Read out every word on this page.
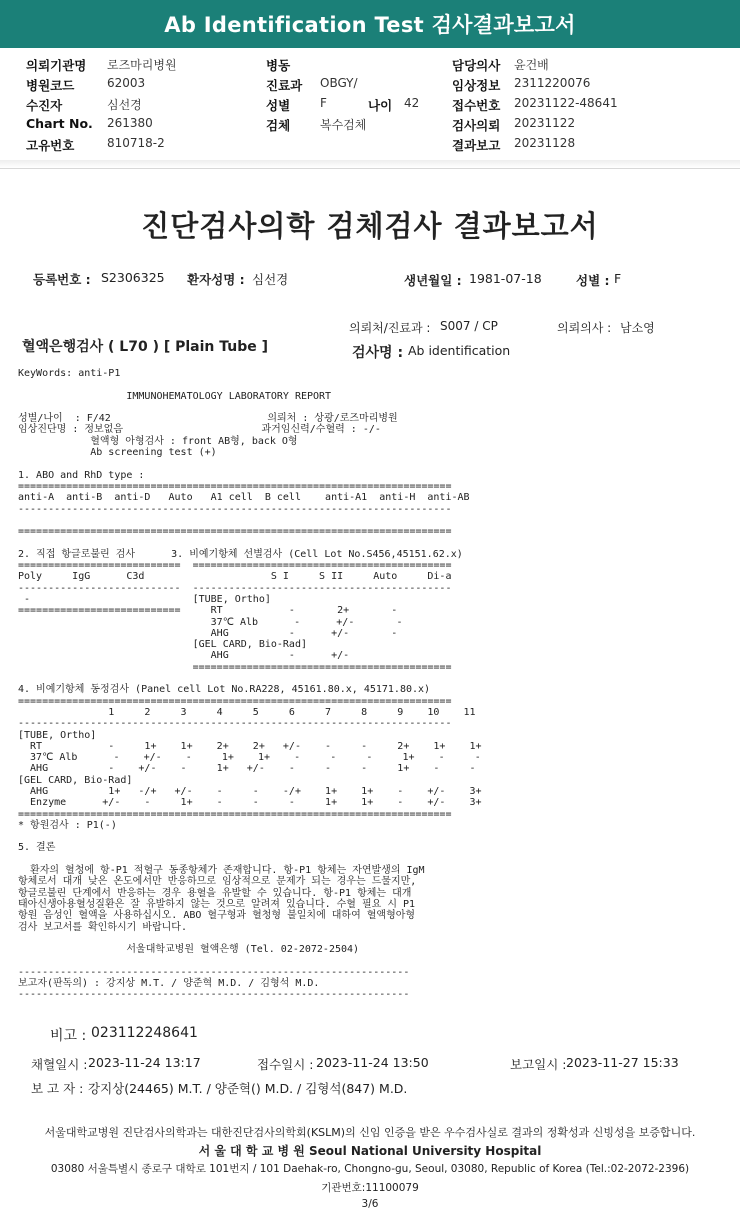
Ab Identification Test 검사결과보고서
의뢰기관명 로즈마리병원	병동	담당의사 윤건배
병원코드	62003	진료과 OBGY/	임상정보 2311220076
수진자	심선경	성별 F	나이 42	접수번호 20231122-48641
Chart No. 261380	검체 복수검체	검사의뢰 20231122
고유번호	810718-2	결과보고 20231128
진단검사의학 검체검사 결과보고서
등록번호 : S2306325 환자성명 : 심선경	생년월일 : 1981-07-18	성별 : F
의뢰처/진료과 : S007 / CP	의뢰의사 : 남소영
혈액은행검사 ( L70 ) [ Plain Tube ]	검사명 : Ab identification
KeyWords: anti-P1

IMMUNOHEMATOLOGY LABORATORY REPORT

성별/나이  : F/42                          의뢰처 : 상광/로즈마리병원
임상진단명 : 정보없음                       과거임신력/수혈력 : -/-
혈액형 아형검사 : front AB형, back O형
Ab screening test (+)

1. ABO and RhD type :
========================================================================
anti-A  anti-B  anti-D   Auto   A1 cell  B cell    anti-A1  anti-H  anti-AB
------------------------------------------------------------------------

========================================================================

2. 직접 항글로불린 검사      3. 비예기항체 선별검사 (Cell Lot No.S456,45151.62.x)
===========================  ===========================================
Poly     IgG      C3d                     S I     S II     Auto     Di-a
---------------------------  -------------------------------------------
-                           [TUBE, Ortho]
===========================     RT           -       2+       -
37℃ Alb      -      +/-       -
AHG          -      +/-       -
[GEL CARD, Bio-Rad]
AHG          -      +/-
===========================================

4. 비예기항체 동정검사 (Panel cell Lot No.RA228, 45161.80.x, 45171.80.x)
========================================================================
1     2     3     4     5     6     7     8     9    10    11
------------------------------------------------------------------------
[TUBE, Ortho]
RT           -     1+    1+    2+    2+   +/-    -     -     2+    1+    1+
37℃ Alb      -    +/-    -     1+    1+    -     -     -     1+    -     -
AHG          -    +/-    -     1+   +/-    -     -     -     1+    -     -
[GEL CARD, Bio-Rad]
AHG          1+   -/+   +/-    -     -    -/+    1+    1+    -    +/-    3+
Enzyme      +/-    -     1+    -     -     -     1+    1+    -    +/-    3+
========================================================================
* 항원검사 : P1(-)

5. 결론

환자의 혈청에 항-P1 적혈구 동종항체가 존재합니다. 항-P1 항체는 자연발생의 IgM
항체로서 대개 낮은 온도에서만 반응하므로 임상적으로 문제가 되는 경우는 드물지만,
항글로불린 단계에서 반응하는 경우 용혈을 유발할 수 있습니다. 항-P1 항체는 대개
태아신생아용혈성질환은 잘 유발하지 않는 것으로 알려져 있습니다. 수혈 필요 시 P1
항원 음성인 혈액을 사용하십시오. ABO 혈구형과 혈청형 불일치에 대하여 혈액형아형
검사 보고서를 확인하시기 바랍니다.

서울대학교병원 혈액은행 (Tel. 02-2072-2504)

-----------------------------------------------------------------
보고자(판독의) : 강지상 M.T. / 양준혁 M.D. / 김형석 M.D.
-----------------------------------------------------------------
비고 : 023112248641
채혈일시 : 2023-11-24 13:17	접수일시 : 2023-11-24 13:50	보고일시 : 2023-11-27 15:33
보 고 자 : 강지상(24465) M.T. / 양준혁() M.D. / 김형석(847) M.D.
서울대학교병원 진단검사의학과는 대한진단검사의학회(KSLM)의 신임 인증을 받은 우수검사실로 결과의 정확성과 신빙성을 보증합니다.
서 울 대 학 교 병 원 Seoul National University Hospital
03080 서울특별시 종로구 대학로 101번지 / 101 Daehak-ro, Chongno-gu, Seoul, 03080, Republic of Korea (Tel.:02-2072-2396)
기관번호:11100079
3/6
